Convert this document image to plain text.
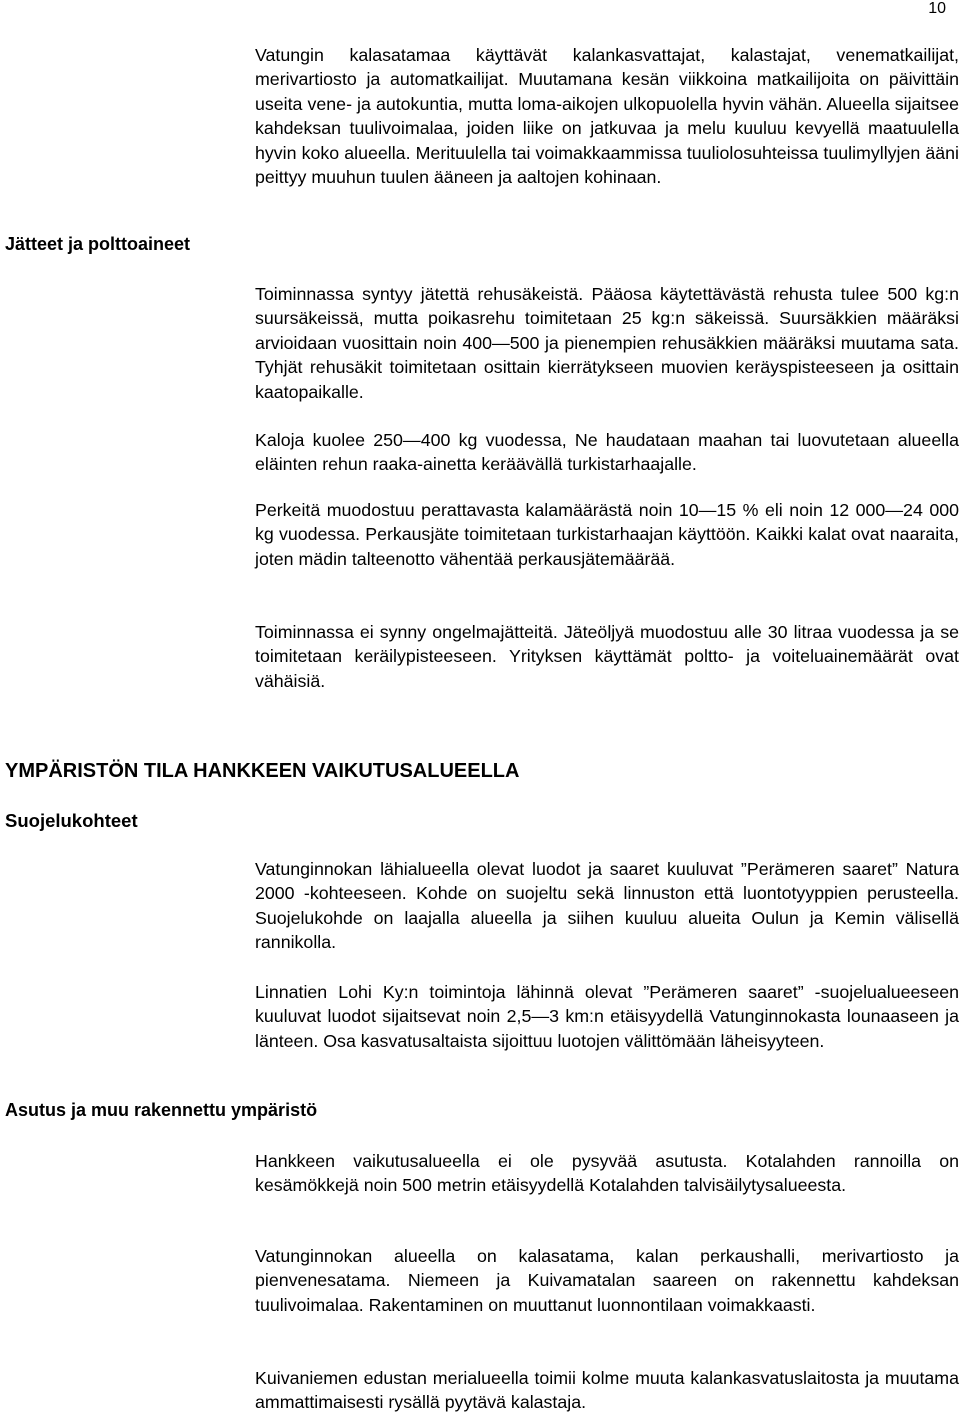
10

Vatungin kalasatamaa käyttävät kalankasvattajat, kalastajat, venematkailijat, merivartiosto ja automatkailijat. Muutamana kesän viikkoina matkailijoita on päivittäin useita vene- ja autokuntia, mutta loma-aikojen ulkopuolella hyvin vähän. Alueella sijaitsee kahdeksan tuulivoimalaa, joiden liike on jatkuvaa ja melu kuuluu kevyellä maatuulella hyvin koko alueella. Merituulella tai voimakkaammissa tuuliolosuhteissa tuulimyllyjen ääni peittyy muuhun tuulen ääneen ja aaltojen kohinaan.

Jätteet ja polttoaineet

Toiminnassa syntyy jätettä rehusäkeistä. Pääosa käytettävästä rehusta tulee 500 kg:n suursäkeissä, mutta poikasrehu toimitetaan 25 kg:n säkeissä. Suursäkkien määräksi arvioidaan vuosittain noin 400—500 ja pienempien rehusäkkien määräksi muutama sata. Tyhjät rehusäkit toimitetaan osittain kierrätykseen muovien keräyspisteeseen ja osittain kaatopaikalle.

Kaloja kuolee 250—400 kg vuodessa, Ne haudataan maahan tai luovutetaan alueella eläinten rehun raaka-ainetta keräävällä turkistarhaajalle.

Perkeitä muodostuu perattavasta kalamäärästä noin 10—15 % eli noin 12 000—24 000 kg vuodessa. Perkausjäte toimitetaan turkistarhaajan käyttöön. Kaikki kalat ovat naaraita, joten mädin talteenotto vähentää perkausjätemäärää.

Toiminnassa ei synny ongelmajätteitä. Jäteöljyä muodostuu alle 30 litraa vuodessa ja se toimitetaan keräilypisteeseen. Yrityksen käyttämät poltto- ja voiteluainemäärät ovat vähäisiä.

YMPÄRISTÖN TILA HANKKEEN VAIKUTUSALUEELLA

Suojelukohteet

Vatunginnokan lähialueella olevat luodot ja saaret kuuluvat ”Perämeren saaret” Natura 2000 -kohteeseen. Kohde on suojeltu sekä linnuston että luontotyyppien perusteella. Suojelukohde on laajalla alueella ja siihen kuuluu alueita Oulun ja Kemin välisellä rannikolla.

Linnatien Lohi Ky:n toimintoja lähinnä olevat ”Perämeren saaret” -suojelualueeseen kuuluvat luodot sijaitsevat noin 2,5—3 km:n etäisyydellä Vatunginnokasta lounaaseen ja länteen. Osa kasvatusaltaista sijoittuu luotojen välittömään läheisyyteen.

Asutus ja muu rakennettu ympäristö

Hankkeen vaikutusalueella ei ole pysyvää asutusta. Kotalahden rannoilla on kesämökkejä noin 500 metrin etäisyydellä Kotalahden talvisäilytysalueesta.

Vatunginnokan alueella on kalasatama, kalan perkaushalli, merivartiosto ja pienvenesatama. Niemeen ja Kuivamatalan saareen on rakennettu kahdeksan tuulivoimalaa. Rakentaminen on muuttanut luonnontilaan voimakkaasti.

Kuivaniemen edustan merialueella toimii kolme muuta kalankasvatuslaitosta ja muutama ammattimaisesti rysällä pyytävä kalastaja.
